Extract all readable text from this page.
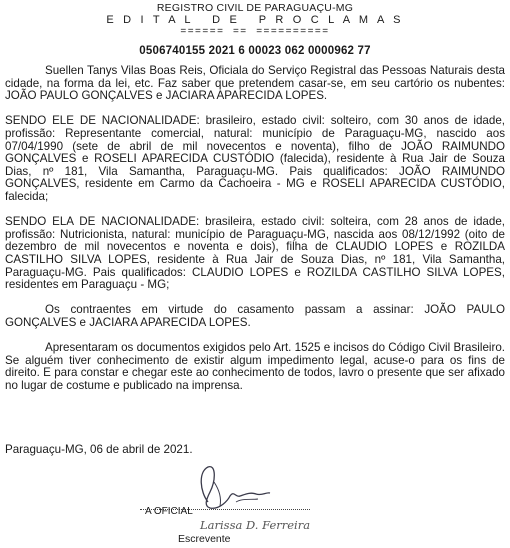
REGISTRO CIVIL DE PARAGUAÇU-MG
E D I T A L   D E   P R O C L A M A S
======  ==  ==========
0506740155 2021 6 00023 062 0000962 77

Suellen Tanys Vilas Boas Reis, Oficiala do Serviço Registral das Pessoas Naturais desta cidade, na forma da lei, etc. Faz saber que pretendem casar-se, em seu cartório os nubentes: JOÃO PAULO GONÇALVES e JACIARA APARECIDA LOPES.

SENDO ELE DE NACIONALIDADE: brasileiro, estado civil: solteiro, com 30 anos de idade, profissão: Representante comercial, natural: município de Paraguaçu-MG, nascido aos 07/04/1990 (sete de abril de mil novecentos e noventa), filho de JOÃO RAIMUNDO GONÇALVES e ROSELI APARECIDA CUSTÓDIO (falecida), residente à Rua Jair de Souza Dias, nº 181, Vila Samantha, Paraguaçu-MG. Pais qualificados: JOÃO RAIMUNDO GONÇALVES, residente em Carmo da Cachoeira - MG e ROSELI APARECIDA CUSTÓDIO, falecida;

SENDO ELA DE NACIONALIDADE: brasileira, estado civil: solteira, com 28 anos de idade, profissão: Nutricionista, natural: município de Paraguaçu-MG, nascida aos 08/12/1992 (oito de dezembro de mil novecentos e noventa e dois), filha de CLAUDIO LOPES e ROZILDA CASTILHO SILVA LOPES, residente à Rua Jair de Souza Dias, nº 181, Vila Samantha, Paraguaçu-MG. Pais qualificados: CLAUDIO LOPES e ROZILDA CASTILHO SILVA LOPES, residentes em Paraguaçu - MG;

Os contraentes em virtude do casamento passam a assinar: JOÃO PAULO GONÇALVES e JACIARA APARECIDA LOPES.

Apresentaram os documentos exigidos pelo Art. 1525 e incisos do Código Civil Brasileiro. Se alguém tiver conhecimento de existir algum impedimento legal, acuse-o para os fins de direito. E para constar e chegar este ao conhecimento de todos, lavro o presente que ser afixado no lugar de costume e publicado na imprensa.

Paraguaçu-MG, 06 de abril de 2021.
A OFICIAL
Larissa D. Ferreira
Escrevente
